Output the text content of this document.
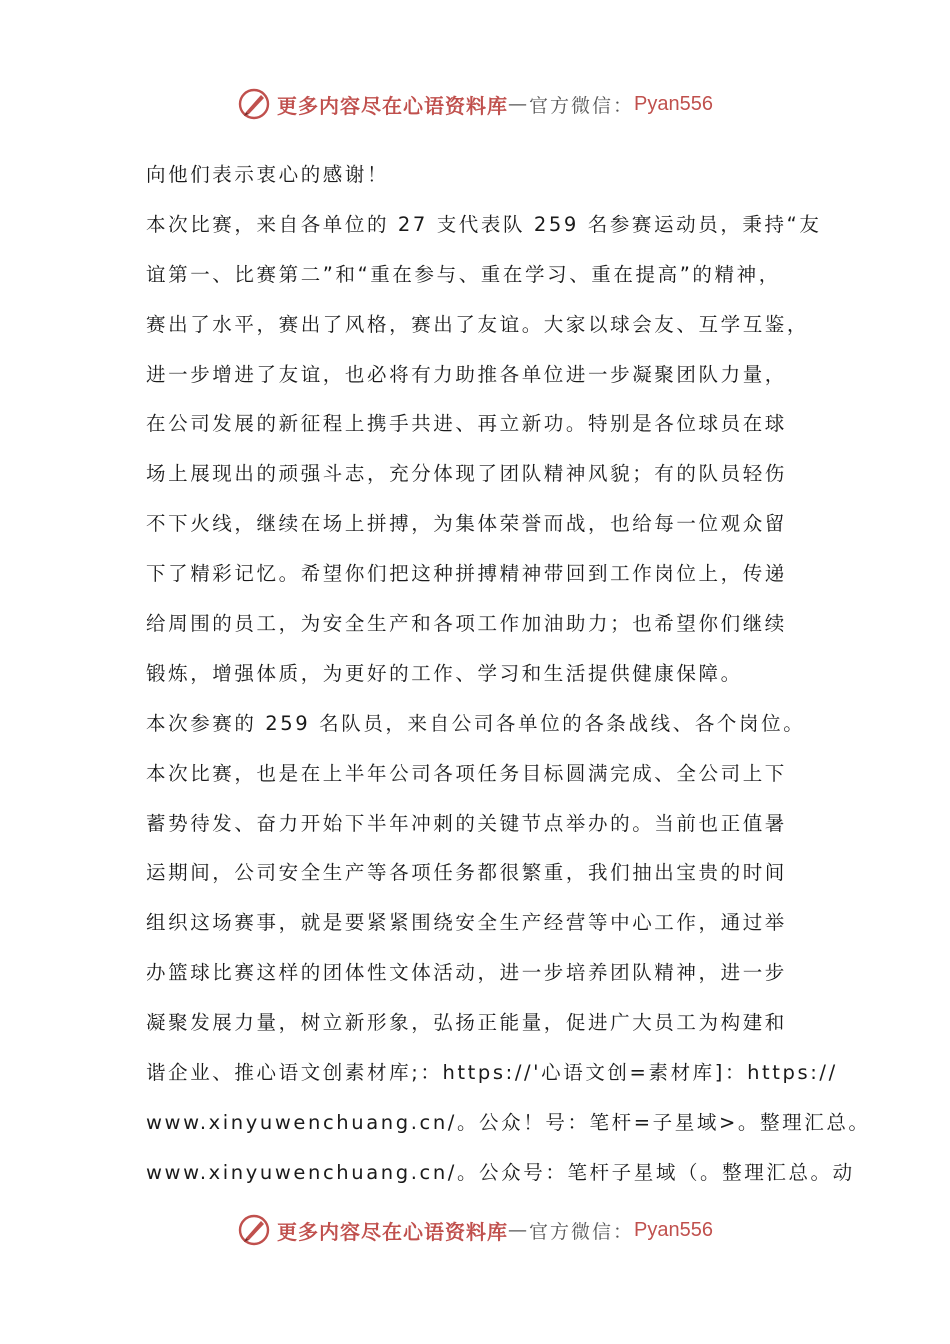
更多内容尽在心语资料库 — 官方微信： Pyan556
向他们表示衷心的感谢！
本次比赛，来自各单位的 27 支代表队 259 名参赛运动员，秉持“友
谊第一、比赛第二”和“重在参与、重在学习、重在提高”的精神，
赛出了水平，赛出了风格，赛出了友谊。大家以球会友、互学互鉴，
进一步增进了友谊，也必将有力助推各单位进一步凝聚团队力量，
在公司发展的新征程上携手共进、再立新功。特别是各位球员在球
场上展现出的顽强斗志，充分体现了团队精神风貌；有的队员轻伤
不下火线，继续在场上拼搏，为集体荣誉而战，也给每一位观众留
下了精彩记忆。希望你们把这种拼搏精神带回到工作岗位上，传递
给周围的员工，为安全生产和各项工作加油助力；也希望你们继续
锻炼，增强体质，为更好的工作、学习和生活提供健康保障。
本次参赛的 259 名队员，来自公司各单位的各条战线、各个岗位。
本次比赛，也是在上半年公司各项任务目标圆满完成、全公司上下
蓄势待发、奋力开始下半年冲刺的关键节点举办的。当前也正值暑
运期间，公司安全生产等各项任务都很繁重，我们抽出宝贵的时间
组织这场赛事，就是要紧紧围绕安全生产经营等中心工作，通过举
办篮球比赛这样的团体性文体活动，进一步培养团队精神，进一步
凝聚发展力量，树立新形象，弘扬正能量，促进广大员工为构建和
谐企业、推心语文创素材库;：https://'心语文创=素材库]：https://
www.xinyuwenchuang.cn/。公众！号：笔杆=子星域>。整理汇总。
www.xinyuwenchuang.cn/。公众号：笔杆子星域（。整理汇总。动
更多内容尽在心语资料库 — 官方微信： Pyan556
